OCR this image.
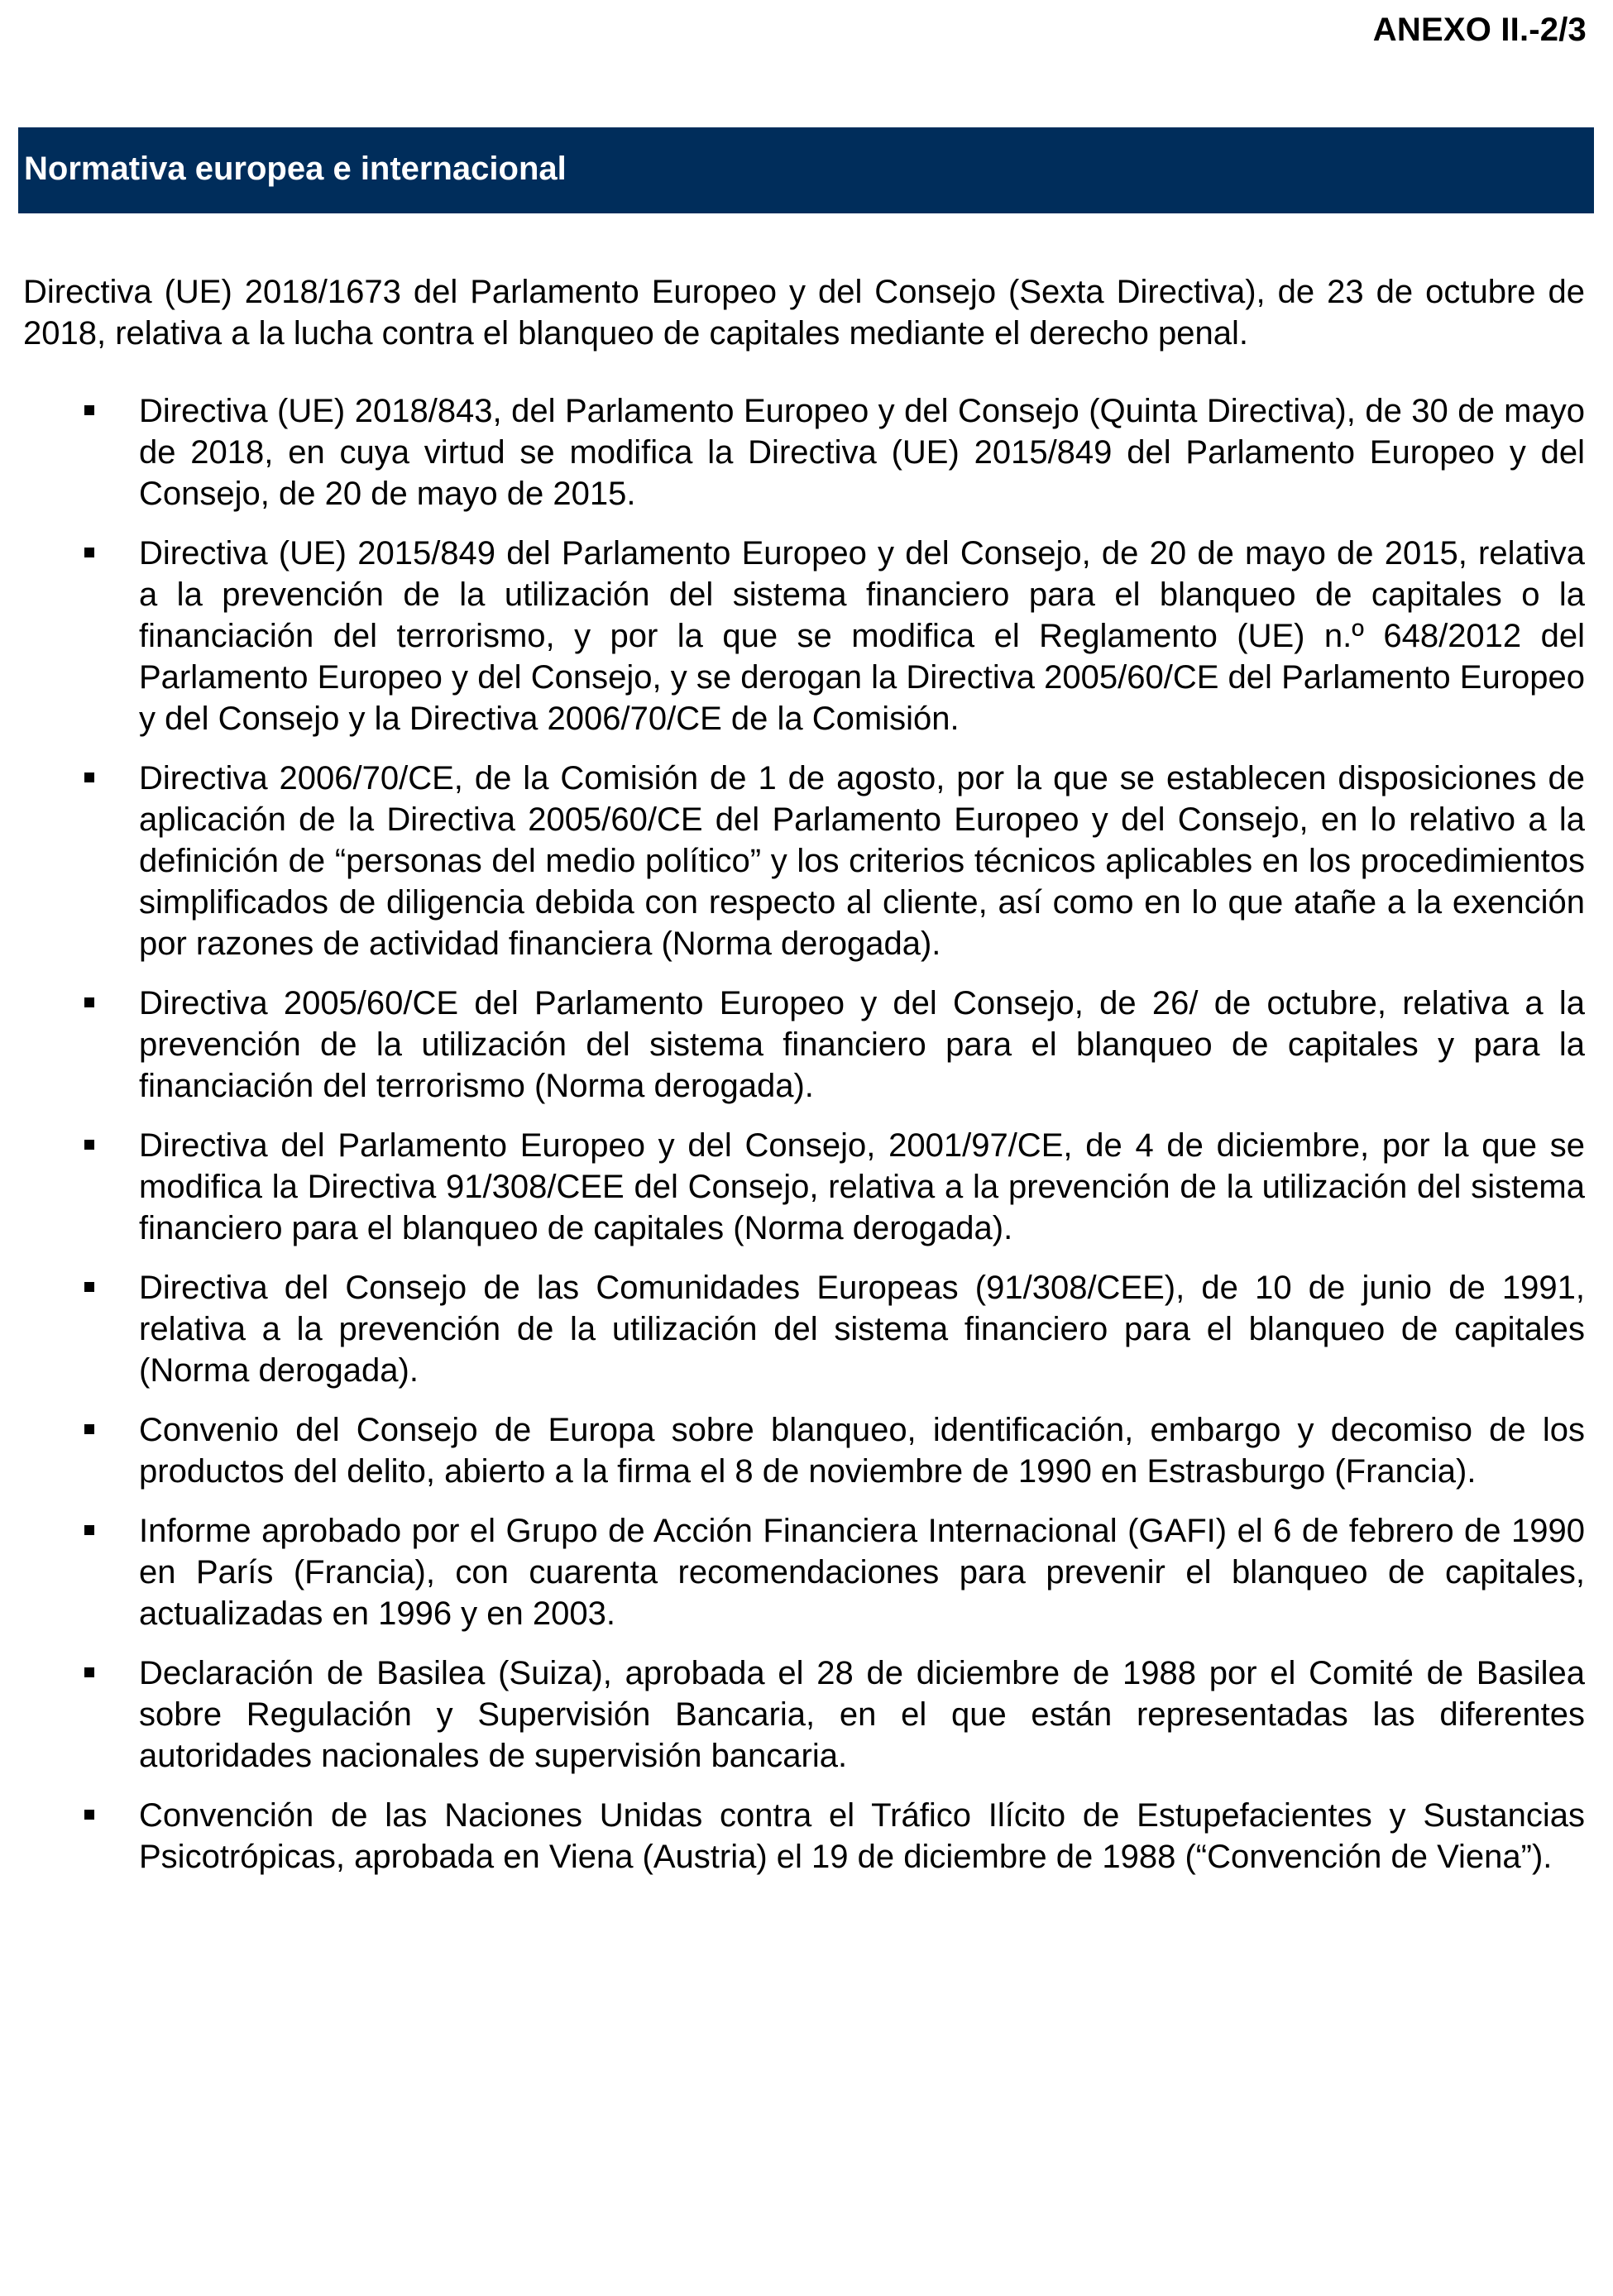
ANEXO II.-2/3
Normativa europea e internacional

Directiva (UE) 2018/1673 del Parlamento Europeo y del Consejo (Sexta Directiva), de 23 de octubre de 2018, relativa a la lucha contra el blanqueo de capitales mediante el derecho penal.

Directiva (UE) 2018/843, del Parlamento Europeo y del Consejo (Quinta Directiva), de 30 de mayo de 2018, en cuya virtud se modifica la Directiva (UE) 2015/849 del Parlamento Europeo y del Consejo, de 20 de mayo de 2015.
Directiva (UE) 2015/849 del Parlamento Europeo y del Consejo, de 20 de mayo de 2015, relativa a la prevención de la utilización del sistema financiero para el blanqueo de capitales o la financiación del terrorismo, y por la que se modifica el Reglamento (UE) n.º 648/2012 del Parlamento Europeo y del Consejo, y se derogan la Directiva 2005/60/CE del Parlamento Europeo y del Consejo y la Directiva 2006/70/CE de la Comisión.
Directiva 2006/70/CE, de la Comisión de 1 de agosto, por la que se establecen disposiciones de aplicación de la Directiva 2005/60/CE del Parlamento Europeo y del Consejo, en lo relativo a la definición de “personas del medio político” y los criterios técnicos aplicables en los procedimientos simplificados de diligencia debida con respecto al cliente, así como en lo que atañe a la exención por razones de actividad financiera (Norma derogada).
Directiva 2005/60/CE del Parlamento Europeo y del Consejo, de 26/ de octubre, relativa a la prevención de la utilización del sistema financiero para el blanqueo de capitales y para la financiación del terrorismo (Norma derogada).
Directiva del Parlamento Europeo y del Consejo, 2001/97/CE, de 4 de diciembre, por la que se modifica la Directiva 91/308/CEE del Consejo, relativa a la prevención de la utilización del sistema financiero para el blanqueo de capitales (Norma derogada).
Directiva del Consejo de las Comunidades Europeas (91/308/CEE), de 10 de junio de 1991, relativa a la prevención de la utilización del sistema financiero para el blanqueo de capitales (Norma derogada).
Convenio del Consejo de Europa sobre blanqueo, identificación, embargo y decomiso de los productos del delito, abierto a la firma el 8 de noviembre de 1990 en Estrasburgo (Francia).
Informe aprobado por el Grupo de Acción Financiera Internacional (GAFI) el 6 de febrero de 1990 en París (Francia), con cuarenta recomendaciones para prevenir el blanqueo de capitales, actualizadas en 1996 y en 2003.
Declaración de Basilea (Suiza), aprobada el 28 de diciembre de 1988 por el Comité de Basilea sobre Regulación y Supervisión Bancaria, en el que están representadas las diferentes autoridades nacionales de supervisión bancaria.
Convención de las Naciones Unidas contra el Tráfico Ilícito de Estupefacientes y Sustancias Psicotrópicas, aprobada en Viena (Austria) el 19 de diciembre de 1988 (“Convención de Viena”).
